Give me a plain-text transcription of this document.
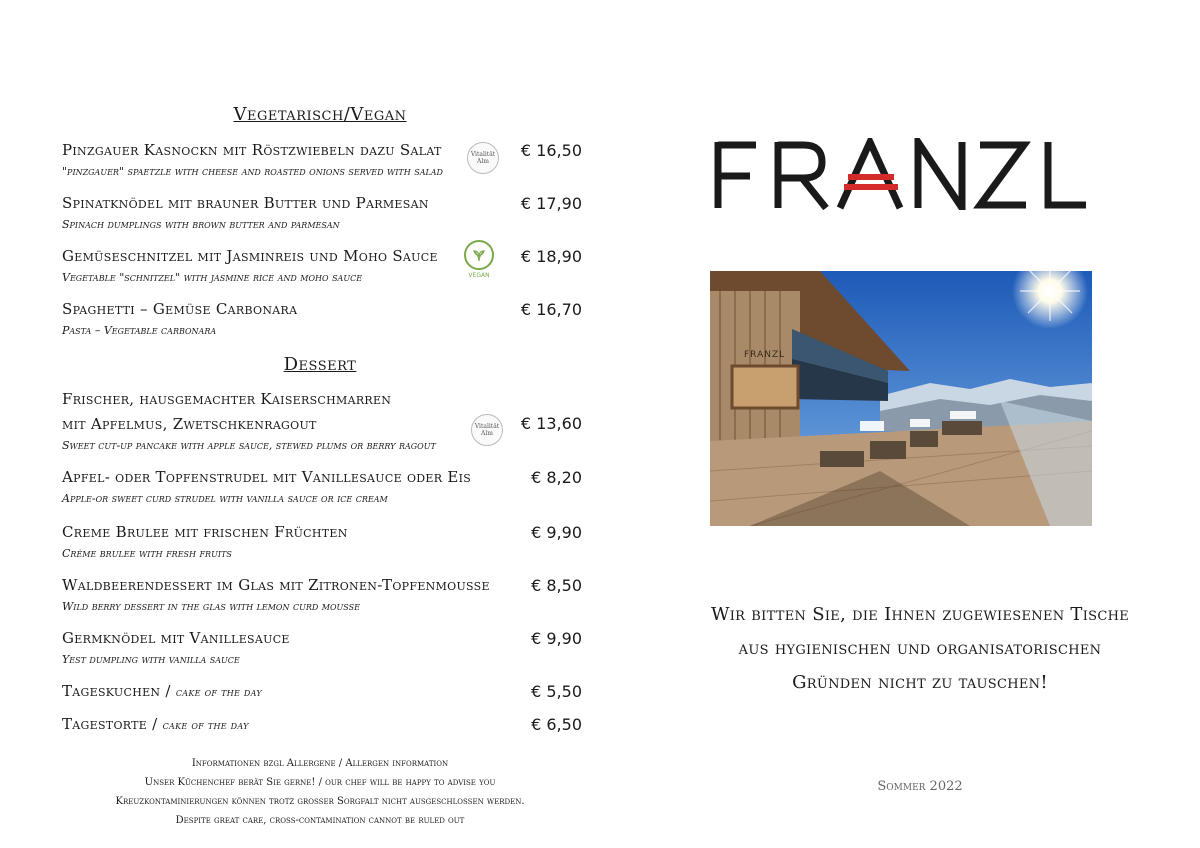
Vegetarisch/Vegan
Pinzgauer Kasnockn mit Röstzwiebeln dazu Salat
"pinzgauer" spaetzle with cheese and roasted onions served with salad
€ 16,50
Vitalität Alm
Spinatknödel mit brauner Butter und Parmesan
Spinach dumplings with brown butter and parmesan
€ 17,90
Gemüseschnitzel mit Jasminreis und Moho Sauce
Vegetable "schnitzel" with jasmine rice and moho sauce
€ 18,90
VEGAN
Spaghetti – Gemüse Carbonara
Pasta – Vegetable carbonara
€ 16,70
Dessert
Frischer, hausgemachter Kaiserschmarren
mit Apfelmus, Zwetschkenragout
Sweet cut-up pancake with apple sauce, stewed plums or berry ragout
€ 13,60
Vitalität Alm
Apfel- oder Topfenstrudel mit Vanillesauce oder Eis
Apple-or sweet curd strudel with vanilla sauce or ice cream
€ 8,20
Creme Brulee mit frischen Früchten
Crème brulee with fresh fruits
€ 9,90
Waldbeerendessert im Glas mit Zitronen-Topfenmousse
Wild berry dessert in the glas with lemon curd mousse
€ 8,50
Germknödel mit Vanillesauce
Yest dumpling with vanilla sauce
€ 9,90
Tageskuchen / cake of the day	€ 5,50
Tagestorte / cake of the day	€ 6,50
Informationen bzgl Allergene / Allergen information
Unser Küchenchef berät Sie gerne! / our chef will be happy to advise you
Kreuzkontaminierungen können trotz großer Sorgfalt nicht ausgeschlossen werden.
Despite great care, cross-contamination cannot be ruled out
FRANZL
Wir bitten Sie, die Ihnen zugewiesenen Tische
aus hygienischen und organisatorischen
Gründen nicht zu tauschen!
Sommer 2022
